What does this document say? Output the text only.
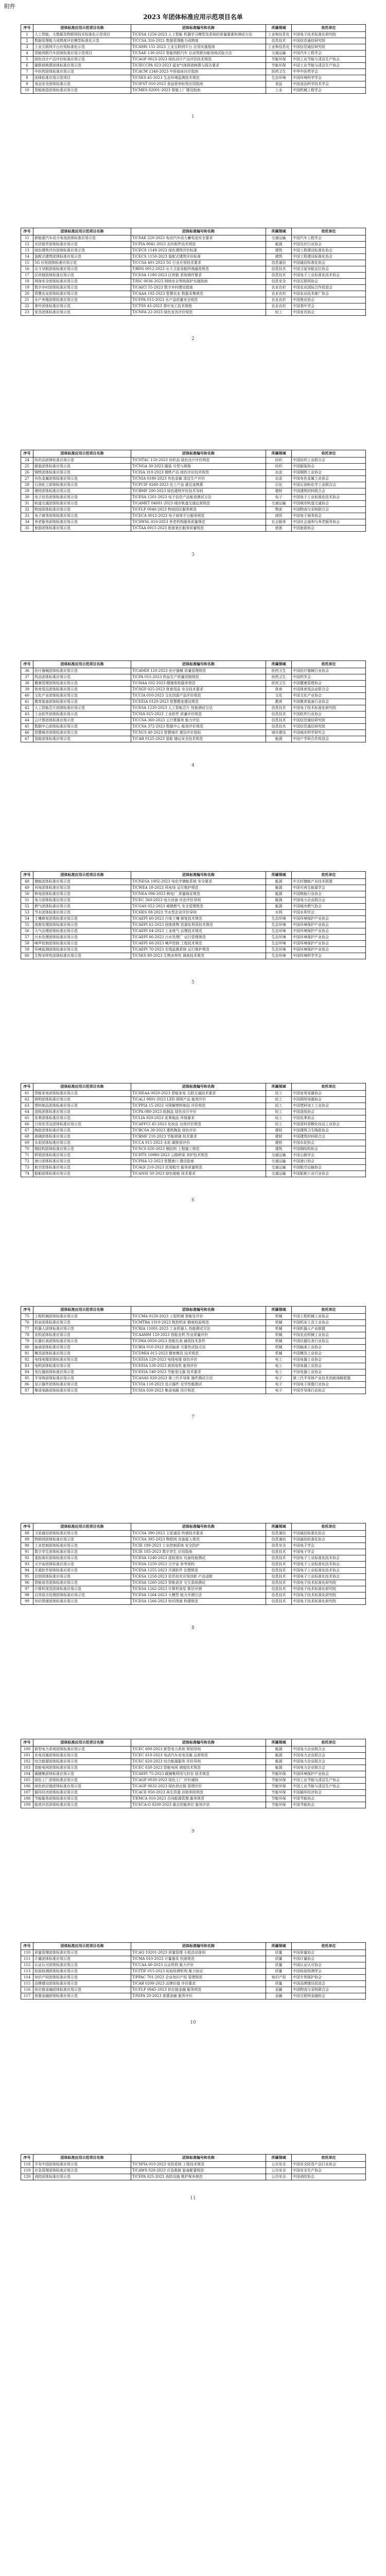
附件
2023 年团体标准应用示范项目名单
序号	团体标准应用示范项目名称	团体标准编号和名称	所属领域	依托单位
1	人工智能、大数据及物联网技术标准化示范项目	T/CESA 1256-2023 人工智能 机器学习模型及系统的质量要素和测试方法	工业和信息化	中国电子技术标准化研究院
2	数据管理能力成熟度评估模型标准化示范	T/CCSA 316-2021 数据管理能力成熟度	信息技术	中国信息通信研究院
3	工业互联网平台应用标准化示范	T/CAMS 151-2023 工业互联网平台 应用实施指南	工业和信息化	中国信息通信研究院
4	智能网联汽车团体标准应用示范项目	T/CSAE 130-2023 智能网联汽车 自动驾驶功能场地试验方法	交通运输	中国汽车工程学会
5	绿色设计产品评价标准应用示范	T/CAGP 0023-2023 绿色设计产品评价技术规范	节能环保	中国工业节能与清洁生产协会
6	碳排放核算团体标准应用示范	T/CIECCPA 023-2023 温室气体排放核算与报告要求	节能环保	中国工业节能与清洁生产协会
7	中医药团体标准应用示范	T/CACM 1340-2023 中医临床诊疗指南	医药卫生	中华中医药学会
8	团体标准应用示范项目	T/CSES 45-2023 生态环境监测技术规范	生态环境	中国环境科学学会
9	食品安全团体标准示范	T/CIFST 010-2023 食品营养标签应用指南	食品	中国食品科学技术学会
10	智能制造团体标准应用示范	T/CMES 02001-2023 智能工厂建设指南	工业	中国机械工程学会
1
序号	团体标准应用示范项目名称	团体标准编号和名称	所属领域	依托单位
11	新能源汽车动力电池团体标准应用示范	T/CSAE 220-2023 电动汽车动力蓄电池安全要求	交通运输	中国汽车工程学会
12	光伏组件团体标准应用示范	T/CPIA 0041-2023 光伏组件技术规范	能源	中国光伏行业协会
13	绿色建筑评价团体标准应用示范	T/CECS 1149-2023 绿色建筑评价标准	建筑	中国工程建设标准化协会
14	装配式建筑团体标准应用示范	T/CECS 1150-2023 装配式建筑评价标准	建筑	中国工程建设标准化协会
15	5G 应用团体标准应用示范	T/CCSA 401-2023 5G 行业应用技术要求	信息通信	中国通信标准化协会
16	北斗导航团体标准应用示范	T/BDS 0012-2023 北斗卫星导航终端通用规范	信息技术	中国卫星导航定位协会
17	区块链团体标准应用示范	T/CESA 1180-2023 区块链 系统测评要求	信息技术	中国电子工业标准化技术协会
18	网络安全团体标准应用示范	T/ISC 0036-2023 网络安全等级保护实施指南	信息安全	中国互联网协会
19	数字乡村团体标准应用示范	T/CAICI 55-2023 数字乡村建设指南	农业农村	中国农业国际合作促进会
20	智慧农业团体标准应用示范	T/CAAA 102-2023 智慧农业 数据采集规范	农业农村	中国农业技术推广协会
21	水产养殖团体标准应用示范	T/CFPA 015-2023 水产品质量安全规范	农业农村	中国渔业协会
22	茶叶团体标准应用示范	T/CTSS 45-2023 茶叶加工技术规程	农业农村	中国茶叶学会
23	家具团体标准应用示范	T/CNFA 22-2023 绿色家具评价规范	轻工	中国家具协会
2
序号	团体标准应用示范项目名称	团体标准编号和名称	所属领域	依托单位
24	纺织品团体标准应用示范	T/CNTAC 150-2023 纺织品 绿色设计评价规范	纺织	中国纺织工业联合会
25	服装团体标准应用示范	T/CNGA 30-2023 服装 号型与规格	纺织	中国服装协会
26	钢铁团体标准应用示范	T/CISA 310-2023 钢铁产品 绿色评价技术规范	冶金	中国钢铁工业协会
27	有色金属团体标准应用示范	T/CNIA 0180-2023 有色金属 清洁生产评价	冶金	中国有色金属工业协会
28	石油化工团体标准应用示范	T/CPCIF 0260-2023 化工产品 碳足迹核算	石化	中国石油和化学工业联合会
29	建材团体标准应用示范	T/CBMF 200-2023 绿色建材评价技术导则	建材	中国建筑材料联合会
30	电子信息团体标准应用示范	T/CESA 1201-2023 电子信息产品能效测试方法	电子	中国电子工业标准化技术协会
31	轨道交通团体标准应用示范	T/CAMET 04001-2023 城市轨道交通运营规范	交通运输	中国城市轨道交通协会
32	物流团体标准应用示范	T/CFLP 0040-2023 物流园区服务规范	物流	中国物流与采购联合会
33	电子商务团体标准应用示范	T/CECA 0012-2023 电子商务平台服务规范	商贸	中国电子商务协会
34	养老服务团体标准应用示范	T/CSWSL 010-2023 养老机构服务质量规范	社会服务	中国社会福利与养老服务协会
35	旅游团体标准应用示范	T/CTAA 0015-2023 旅游景区服务质量规范	旅游	中国旅游协会
3
序号	团体标准应用示范项目名称	团体标准编号和名称	所属领域	依托单位
36	医疗器械团体标准应用示范	T/CAMDI 120-2023 医疗器械 质量管理规范	医药卫生	中国医疗器械行业协会
37	药品团体标准应用示范	T/CPA 015-2023 药品生产质量控制规范	医药卫生	中国药学会
38	健康管理团体标准应用示范	T/CHAA 032-2023 健康体检服务规范	医药卫生	中国健康管理协会
39	体育用品团体标准应用示范	T/CSGF 025-2023 体育用品 安全技术要求	体育	中国体育用品业联合会
40	文化产业团体标准应用示范	T/CCIA 010-2023 文化创意产品评价规范	文化	中国文化产业协会
41	教育装备团体标准应用示范	T/CEEIA 0120-2023 智慧教室建设规范	教育	中国教育装备行业协会
42	人工智能芯片团体标准应用示范	T/CESA 1220-2023 人工智能芯片 性能测试方法	信息技术	中国电子技术标准化研究院
43	工业软件团体标准应用示范	T/CSIA 025-2023 工业软件 质量评价规范	信息技术	中国软件行业协会
44	云计算团体标准应用示范	T/CCSA 360-2023 云计算服务 能力评估	信息技术	中国信息通信研究院
45	数据中心团体标准应用示范	T/CCSA 372-2023 数据中心 能效评价规范	信息技术	中国信息通信研究院
46	智慧城市团体标准应用示范	T/CSUS 40-2023 智慧城市 建设评价指标	城市建设	中国城市科学研究会
47	氢能团体标准应用示范	T/CAB 0125-2023 氢能 储运安全技术规范	能源	中国产学研合作促进会
4
序号	团体标准应用示范项目名称	团体标准编号和名称	所属领域	依托单位
48	储能团体标准应用示范	T/CNESA 1002-2023 电化学储能系统 安全要求	能源	中关村储能产业技术联盟
49	风电团体标准应用示范	T/CWEA 18-2023 风电场 运行维护规范	能源	中国可再生能源学会
50	核电团体标准应用示范	T/CNEA 006-2023 核电厂 质量保证规范	能源	中国核能行业协会
51	电力团体标准应用示范	T/CEC 560-2023 电力设备 状态评价导则	能源	中国电力企业联合会
52	燃气团体标准应用示范	T/CGAS 022-2023 城镇燃气 安全管理规范	能源	中国城市燃气协会
53	节水团体标准应用示范	T/CHES 88-2023 节水型企业评价导则	水利	中国水利学会
54	土壤修复团体标准应用示范	T/CAEPI 60-2023 污染土壤 修复技术规范	生态环境	中国环境保护产业协会
55	固废处理团体标准应用示范	T/CAEPI 62-2023 固体废物 资源化利用技术规范	生态环境	中国环境保护产业协会
56	大气治理团体标准应用示范	T/CAEPI 64-2023 工业废气 治理技术规范	生态环境	中国环境保护产业协会
57	污水处理团体标准应用示范	T/CAEPI 66-2023 污水处理厂 运行管理规范	生态环境	中国环境保护产业协会
58	噪声控制团体标准应用示范	T/CAEPI 68-2023 噪声控制 工程技术规范	生态环境	中国环境保护产业协会
59	环境监测团体标准应用示范	T/CAEPI 70-2023 在线监测系统 运行维护规范	生态环境	中国环境保护产业协会
60	生物多样性团体标准应用示范	T/CSES 80-2023 生物多样性 调查技术规范	生态环境	中国环境科学学会
5
序号	团体标准应用示范项目名称	团体标准编号和名称	所属领域	依托单位
61	智能家电团体标准应用示范	T/CHEAA 0020-2023 智能家电 互联互通技术要求	轻工	中国家用电器协会
62	照明团体标准应用示范	T/CALI 0801-2023 LED 照明产品 能效评价	轻工	中国照明电器协会
63	塑料制品团体标准应用示范	T/CPPIA 15-2023 可降解塑料制品 评价规范	轻工	中国塑料加工工业协会
64	造纸团体标准应用示范	T/CPA 080-2023 纸制品 绿色设计评价	轻工	中国造纸协会
65	皮革团体标准应用示范	T/CLIA 020-2023 皮革制品 环保要求	轻工	中国皮革协会
66	日用化学品团体标准应用示范	T/CAFFCI 45-2023 化妆品 功效评价规范	轻工	中国香料香精化妆品工业协会
67	陶瓷团体标准应用示范	T/CBCSA 30-2023 建筑陶瓷 绿色评价	建材	中国建筑卫生陶瓷协会
68	玻璃团体标准应用示范	T/CBMF 210-2023 节能玻璃 技术要求	建材	中国建筑材料联合会
69	水泥团体标准应用示范	T/CCA 015-2023 水泥 碳排放评价	建材	中国水泥协会
70	钢结构团体标准应用示范	T/CSCS 020-2023 钢结构 工程施工规范	建筑	中国钢结构协会
71	桥梁团体标准应用示范	T/CHTS 10080-2023 公路桥梁 养护技术规范	交通运输	中国公路学会
72	港口团体标准应用示范	T/CPHA 12-2023 智慧港口 建设指南	交通运输	中国港口协会
73	航空团体标准应用示范	T/CAQI 210-2023 民用航空 服务质量规范	交通运输	中国航空运输协会
74	船舶团体标准应用示范	T/CANSI 50-2023 绿色船舶 技术要求	交通运输	中国船舶工业行业协会
6
序号	团体标准应用示范项目名称	团体标准编号和名称	所属领域	依托单位
75	工程机械团体标准应用示范	T/CCMA 0150-2023 工程机械 智能化评价	机械	中国工程机械工业协会
76	机床团体标准应用示范	T/CMTBA 1010-2023 数控机床 精度检验规范	机械	中国机床工具工业协会
77	机器人团体标准应用示范	T/CRIA 11001-2023 工业机器人 性能测试方法	机械	中国机器人产业联盟
78	农机团体标准应用示范	T/CAAMM 120-2023 智能农机 作业质量评价	机械	中国农业机械工业协会
79	仪器仪表团体标准应用示范	T/CIMA 0050-2023 智能仪表 通用技术条件	机械	中国仪器仪表行业协会
80	轴承团体标准应用示范	T/CBIA 010-2023 滚动轴承 可靠性试验方法	机械	中国轴承工业协会
81	模具团体标准应用示范	T/CDMIA 015-2023 精密模具 技术规范	机械	中国模具工业协会
82	电线电缆团体标准应用示范	T/CEEIA 520-2023 电线电缆 绿色评价	电工	中国电器工业协会
83	电机团体标准应用示范	T/CEEIA 530-2023 高效电机 能效评价	电工	中国电器工业协会
84	变压器团体标准应用示范	T/CEEIA 540-2023 节能变压器 技术要求	电工	中国电器工业协会
85	半导体团体标准应用示范	T/CASAS 020-2023 第三代半导体 器件测试方法	电子	第三代半导体产业技术创新战略联盟
86	显示器件团体标准应用示范	T/CVIA 110-2023 显示器件 光学性能测试	电子	中国电子视像行业协会
87	集成电路团体标准应用示范	T/CSIA 030-2023 集成电路 设计规范	电子	中国半导体行业协会
7
序号	团体标准应用示范项目名称	团体标准编号和名称	所属领域	依托单位
88	卫星通信团体标准应用示范	T/CCSA 390-2023 卫星通信 终端技术要求	信息通信	中国通信标准化协会
89	物联网团体标准应用示范	T/CCSA 395-2023 物联网 设备接入规范	信息通信	中国通信标准化协会
90	工业控制团体标准应用示范	T/CIE 180-2023 工业控制系统 安全防护	信息安全	中国电子学会
91	数字孪生团体标准应用示范	T/CIE 185-2023 数字孪生 应用指南	信息技术	中国电子学会
92	虚拟现实团体标准应用示范	T/CESA 1240-2023 虚拟现实 设备性能测试	信息技术	中国电子工业标准化技术协会
93	元宇宙团体标准应用示范	T/CESA 1250-2023 元宇宙 参考架构	信息技术	中国电子工业标准化技术协会
94	开源软件团体标准应用示范	T/CESA 1255-2023 开源软件 治理规范	信息技术	中国电子工业标准化技术协会
95	信创团体标准应用示范	T/CESA 1258-2023 信息技术应用创新 产品适配	信息技术	中国电子工业标准化技术协会
96	智能语音团体标准应用示范	T/CESA 1260-2023 智能语音 交互系统测试	信息技术	中国电子技术标准化研究院
97	计算机视觉团体标准应用示范	T/CESA 1262-2023 计算机视觉 算法评测	信息技术	中国电子技术标准化研究院
98	自然语言处理团体标准应用示范	T/CESA 1264-2023 大模型 能力评测方法	信息技术	中国电子技术标准化研究院
99	知识图谱团体标准应用示范	T/CESA 1266-2023 知识图谱 构建规范	信息技术	中国电子技术标准化研究院
8
序号	团体标准应用示范项目名称	团体标准编号和名称	所属领域	依托单位
100	新型电力系统团体标准应用示范	T/CEC 600-2023 新型电力系统 规划导则	能源	中国电力企业联合会
101	充电设施团体标准应用示范	T/CEC 610-2023 电动汽车充电设施 运营规范	能源	中国电力企业联合会
102	综合能源团体标准应用示范	T/CEC 620-2023 综合能源服务 评价导则	能源	中国电力企业联合会
103	智能电网团体标准应用示范	T/CEC 630-2023 智能电网 调度技术规范	能源	中国电力企业联合会
104	碳捕集团体标准应用示范	T/CAEPI 75-2023 碳捕集利用与封存 技术规范	节能环保	中国环境保护产业协会
105	绿色工厂团体标准应用示范	T/CAGP 0030-2023 绿色工厂 评价通则	节能环保	中国工业节能与清洁生产协会
106	绿色供应链团体标准应用示范	T/CAGP 0032-2023 绿色供应链 管理评价	节能环保	中国工业节能与清洁生产协会
107	循环经济团体标准应用示范	T/CACE 050-2023 再生资源 回收利用规范	节能环保	中国循环经济协会
108	节能服务团体标准应用示范	T/EMCA 010-2023 合同能源管理 服务规范	节能环保	中国节能协会
109	能效评估团体标准应用示范	T/CECA-G 0200-2023 重点用能单位 能效评估	节能环保	中国节能协会
9
序号	团体标准应用示范项目名称	团体标准编号和名称	所属领域	依托单位
110	质量管理团体标准应用示范	T/CAQ 10201-2023 质量管理 小组活动准则	质量	中国质量协会
111	计量团体标准应用示范	T/CMA 010-2023 计量器具 校准规范	质量	中国计量协会
112	认证认可团体标准应用示范	T/CCAA 40-2023 认证机构 能力评价	质量	中国认证认可协会
113	检验检测团体标准应用示范	T/CITIF 015-2023 检验检测机构 能力验证	质量	中国检验检测学会
114	知识产权团体标准应用示范	T/PPAC 701-2023 企业知识产权 管理规范	知识产权	中国专利保护协会
115	品牌建设团体标准应用示范	T/CAB 0200-2023 品牌价值 评价要求	质量	中国品牌建设促进会
116	供应链金融团体标准应用示范	T/CFLP 0045-2023 供应链金融 服务规范	金融	中国物流与采购联合会
117	普惠金融团体标准应用示范	T/NIFA 20-2023 普惠金融 服务评价	金融	中国互联网金融协会
10
序号	团体标准应用示范项目名称	团体标准编号和名称	所属领域	依托单位
118	平安中国团体标准应用示范	T/CSPIA 010-2023 安防系统 工程技术规范	公共安全	中国安全防范产品行业协会
119	应急管理团体标准应用示范	T/CAWS 020-2023 应急救援 装备配置规范	公共安全	中国安全生产协会
120	消防团体标准应用示范	T/CFPA 025-2023 消防设施 维护保养规范	公共安全	中国消防协会
11
